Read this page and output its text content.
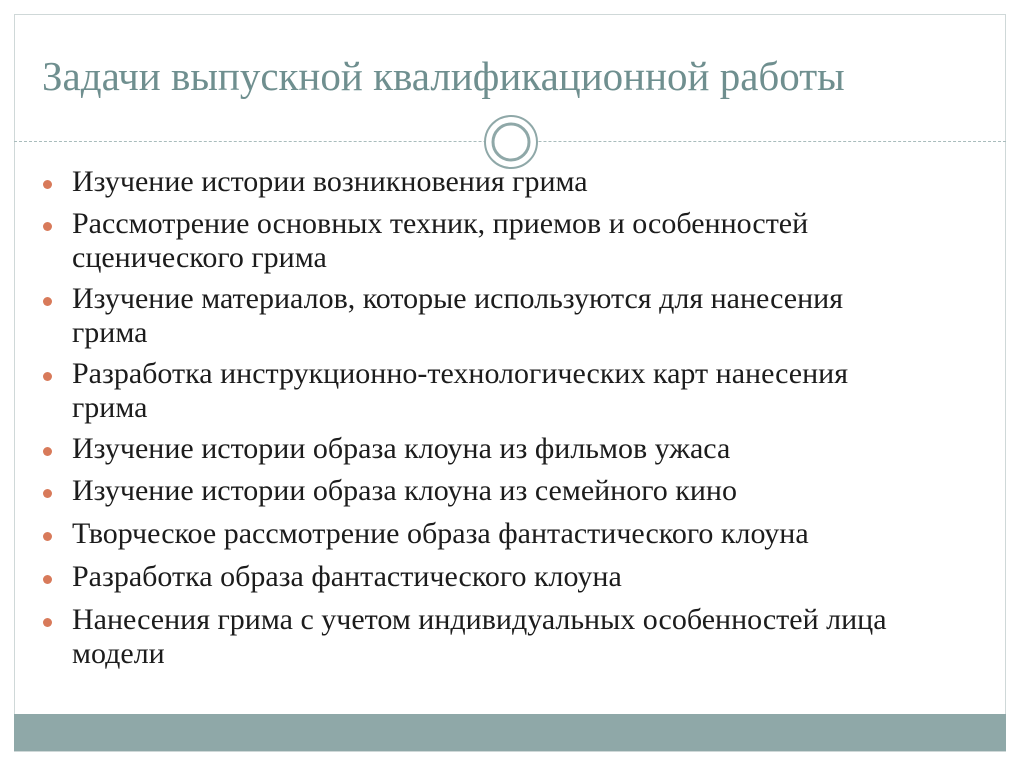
Задачи выпускной квалификационной работы
Изучение истории возникновения грима
Рассмотрение основных техник, приемов и особенностей сценического грима
Изучение материалов, которые используются для нанесения грима
Разработка инструкционно-технологических карт нанесения грима
Изучение истории образа клоуна из фильмов ужаса
Изучение истории образа клоуна из семейного кино
Творческое рассмотрение образа фантастического клоуна
Разработка образа фантастического клоуна
Нанесения грима с учетом индивидуальных особенностей лица модели
